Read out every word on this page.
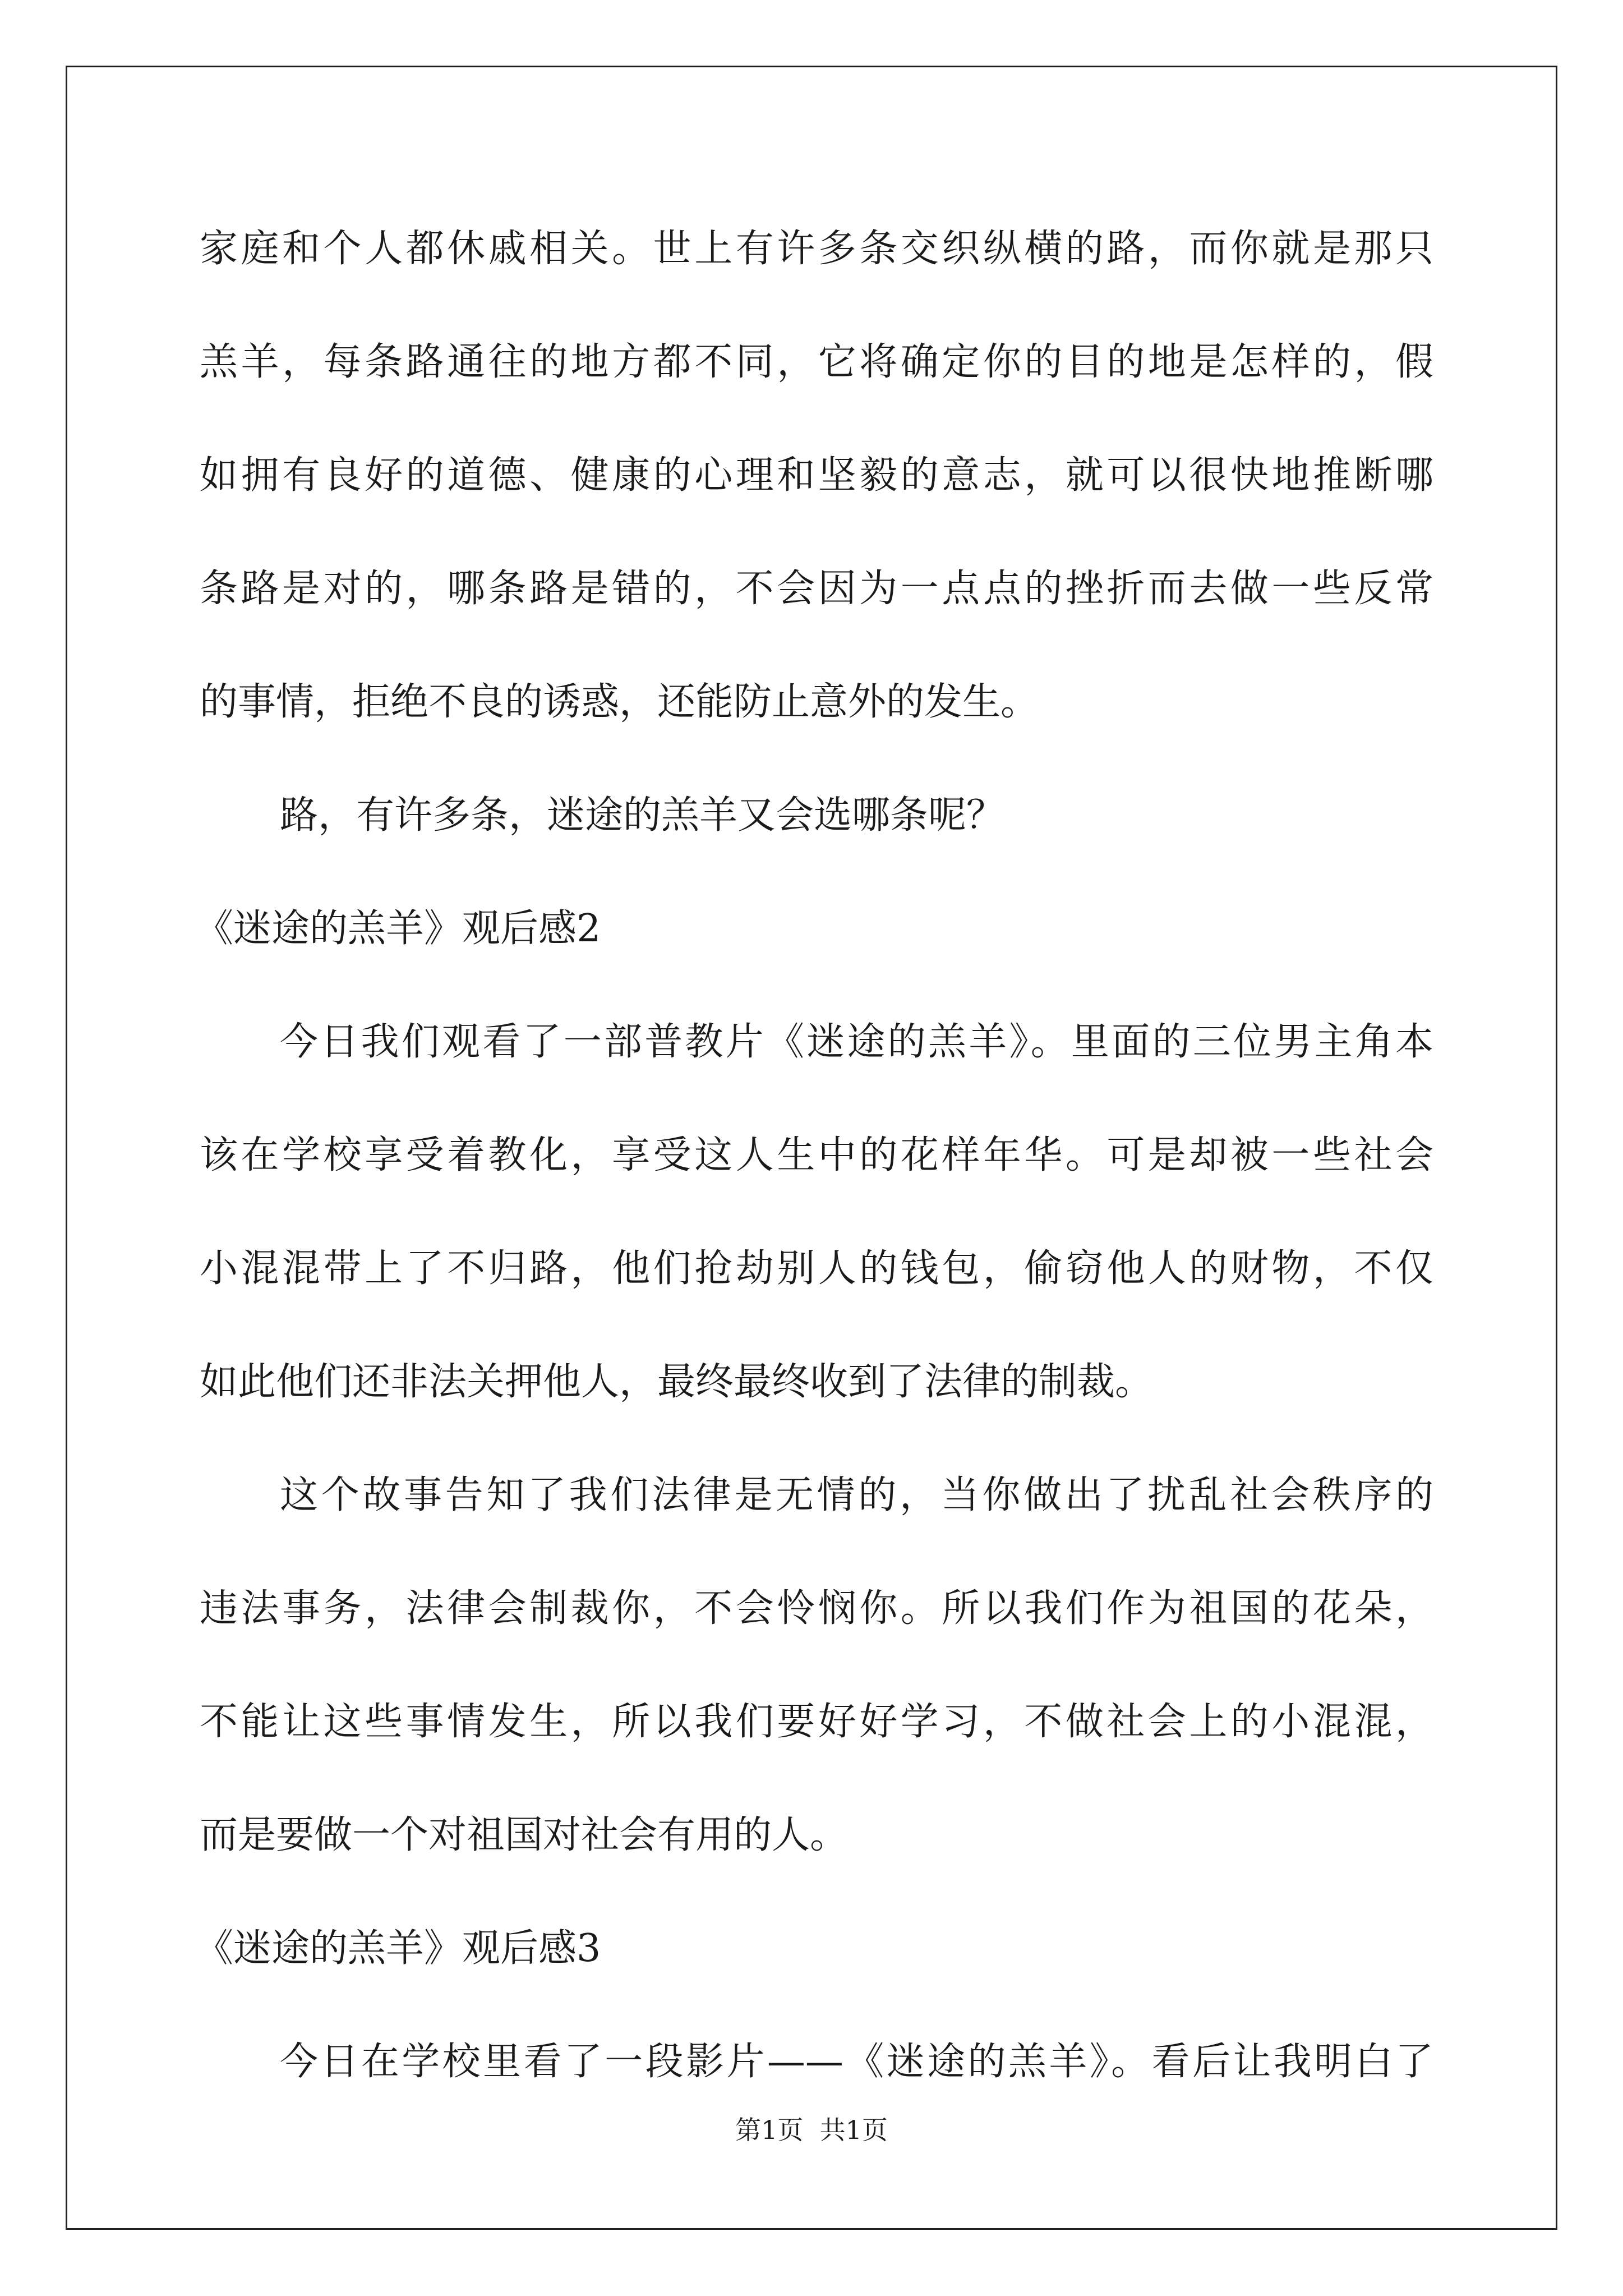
家庭和个人都休戚相关。世上有许多条交织纵横的路，而你就是那只
羔羊，每条路通往的地方都不同，它将确定你的目的地是怎样的，假
如拥有良好的道德、健康的心理和坚毅的意志，就可以很快地推断哪
条路是对的，哪条路是错的，不会因为一点点的挫折而去做一些反常
的事情，拒绝不良的诱惑，还能防止意外的发生。
路，有许多条，迷途的羔羊又会选哪条呢？
《迷途的羔羊》观后感2
今日我们观看了一部普教片《迷途的羔羊》。里面的三位男主角本
该在学校享受着教化，享受这人生中的花样年华。可是却被一些社会
小混混带上了不归路，他们抢劫别人的钱包，偷窃他人的财物，不仅
如此他们还非法关押他人，最终最终收到了法律的制裁。
这个故事告知了我们法律是无情的，当你做出了扰乱社会秩序的
违法事务，法律会制裁你，不会怜悯你。所以我们作为祖国的花朵，
不能让这些事情发生，所以我们要好好学习，不做社会上的小混混，
而是要做一个对祖国对社会有用的人。
《迷途的羔羊》观后感3
今日在学校里看了一段影片——《迷途的羔羊》。看后让我明白了
第1页  共1页
